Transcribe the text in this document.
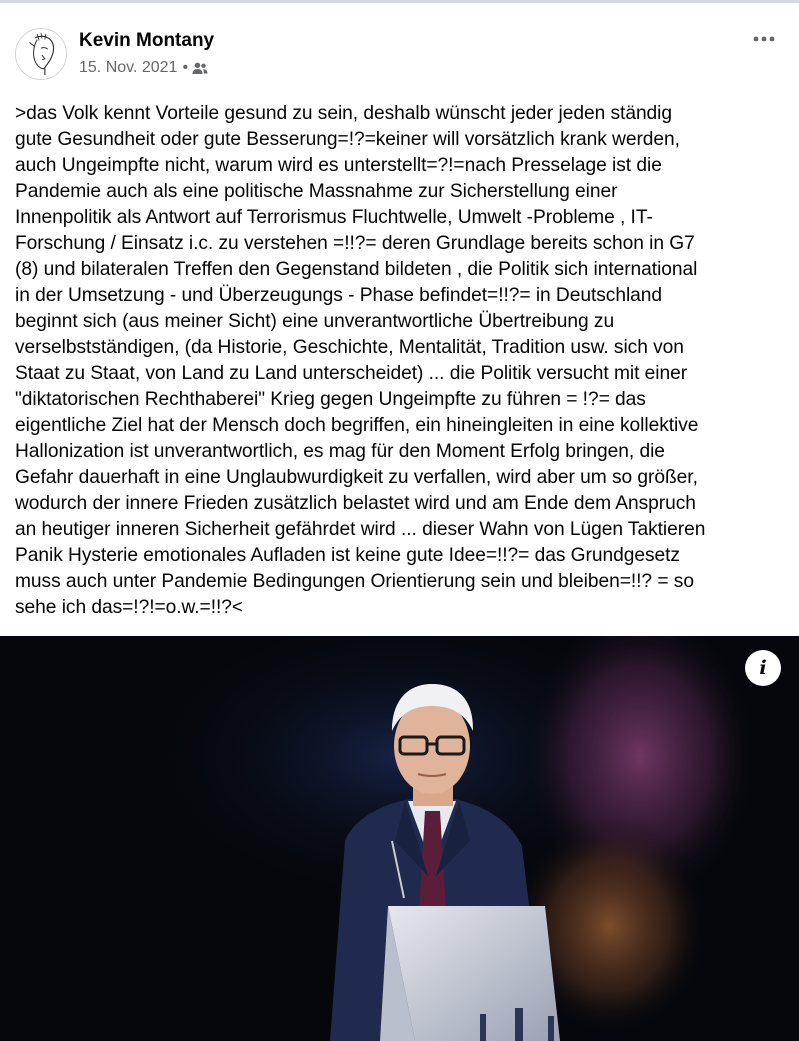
Kevin Montany
15. Nov. 2021 •

>das Volk kennt Vorteile gesund zu sein, deshalb wünscht jeder jeden ständig
gute Gesundheit oder gute Besserung=!?=keiner will vorsätzlich krank werden,
auch Ungeimpfte nicht, warum wird es unterstellt=?!=nach Presselage ist die
Pandemie auch als eine politische Massnahme zur Sicherstellung einer
Innenpolitik als Antwort auf Terrorismus Fluchtwelle, Umwelt -Probleme , IT-
Forschung / Einsatz i.c. zu verstehen =!!?= deren Grundlage bereits schon in G7
(8) und bilateralen Treffen den Gegenstand bildeten , die Politik sich international
in der Umsetzung - und Überzeugungs - Phase befindet=!!?= in Deutschland
beginnt sich (aus meiner Sicht) eine unverantwortliche Übertreibung zu
verselbstständigen, (da Historie, Geschichte, Mentalität, Tradition usw. sich von
Staat zu Staat, von Land zu Land unterscheidet) ... die Politik versucht mit einer
"diktatorischen Rechthaberei" Krieg gegen Ungeimpfte zu führen = !?= das
eigentliche Ziel hat der Mensch doch begriffen, ein hineingleiten in eine kollektive
Hallonization ist unverantwortlich, es mag für den Moment Erfolg bringen, die
Gefahr dauerhaft in eine Unglaubwurdigkeit zu verfallen, wird aber um so größer,
wodurch der innere Frieden zusätzlich belastet wird und am Ende dem Anspruch
an heutiger inneren Sicherheit gefährdet wird ... dieser Wahn von Lügen Taktieren
Panik Hysterie emotionales Aufladen ist keine gute Idee=!!?= das Grundgesetz
muss auch unter Pandemie Bedingungen Orientierung sein und bleiben=!!? = so
sehe ich das=!?!=o.w.=!!?<

i
